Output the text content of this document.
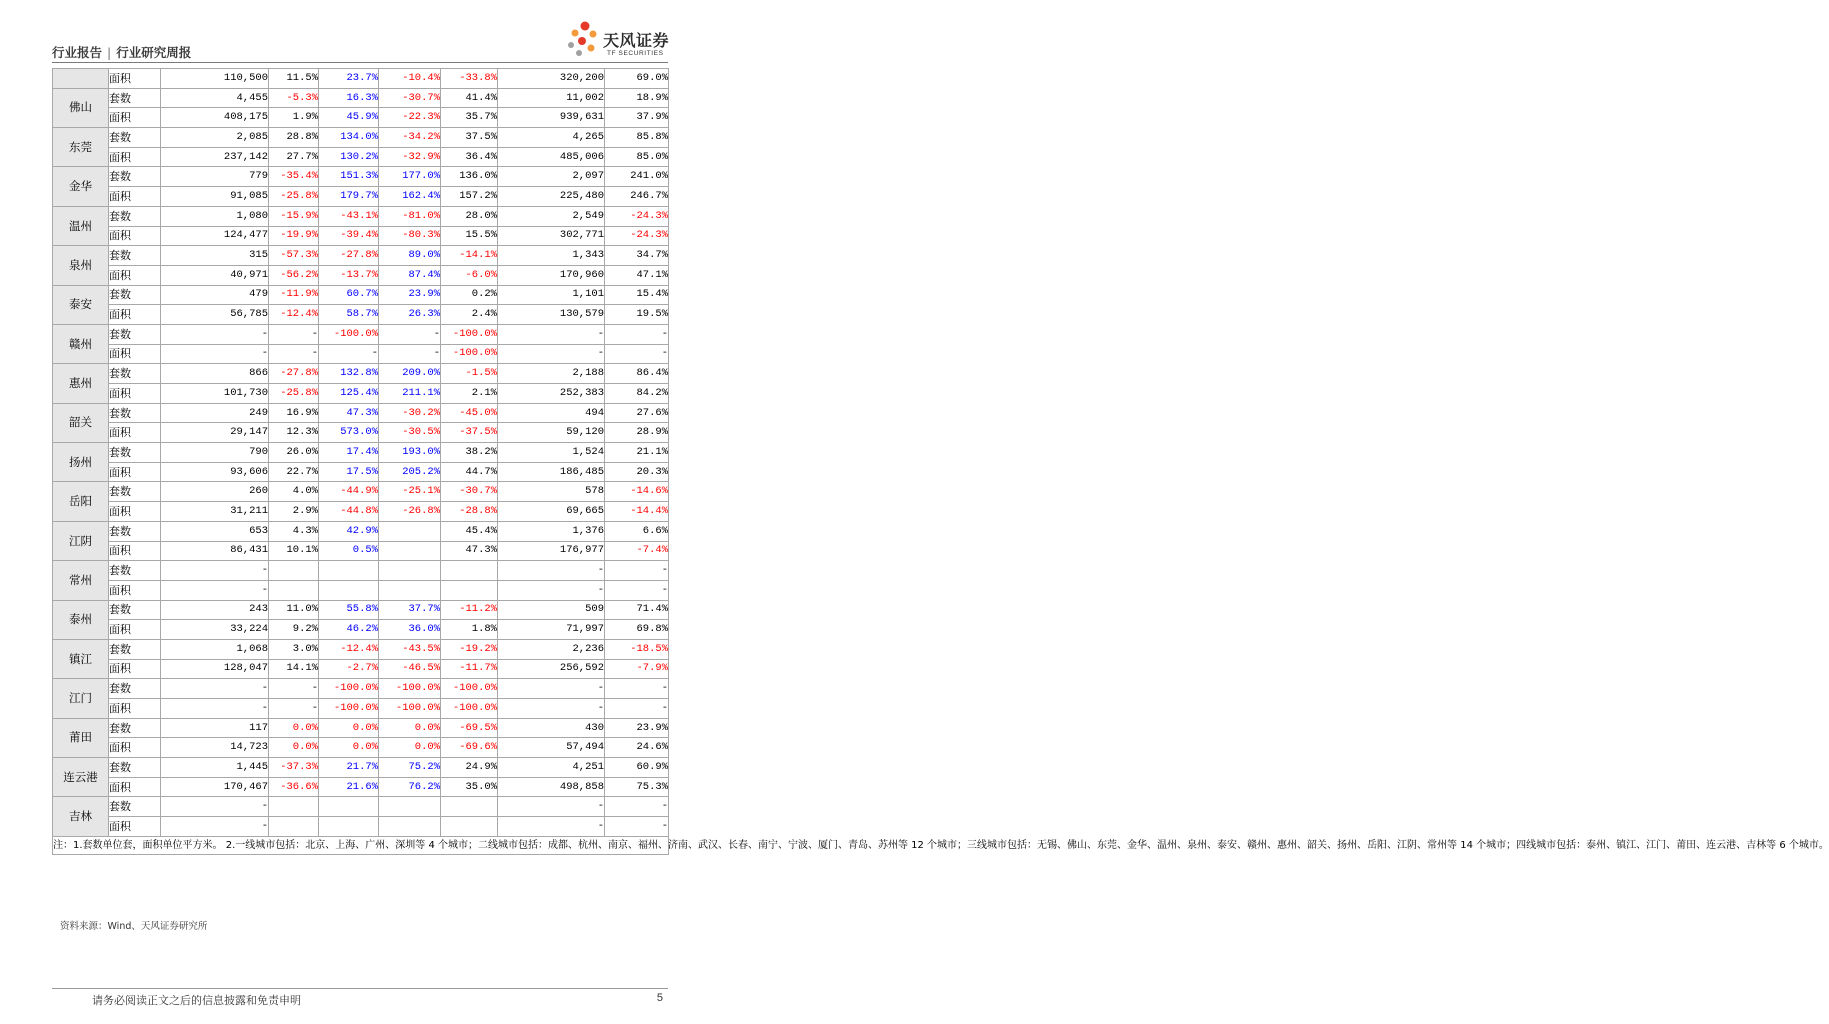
行业报告 | 行业研究周报
天风证券
TF SECURITIES
	面积	110,500	11.5%	23.7%	-10.4%	-33.8%	320,200	69.0%
佛山	套数	4,455	-5.3%	16.3%	-30.7%	41.4%	11,002	18.9%
	面积	408,175	1.9%	45.9%	-22.3%	35.7%	939,631	37.9%
东莞	套数	2,085	28.8%	134.0%	-34.2%	37.5%	4,265	85.8%
	面积	237,142	27.7%	130.2%	-32.9%	36.4%	485,006	85.0%
金华	套数	779	-35.4%	151.3%	177.0%	136.0%	2,097	241.0%
	面积	91,085	-25.8%	179.7%	162.4%	157.2%	225,480	246.7%
温州	套数	1,080	-15.9%	-43.1%	-81.0%	28.0%	2,549	-24.3%
	面积	124,477	-19.9%	-39.4%	-80.3%	15.5%	302,771	-24.3%
泉州	套数	315	-57.3%	-27.8%	89.0%	-14.1%	1,343	34.7%
	面积	40,971	-56.2%	-13.7%	87.4%	-6.0%	170,960	47.1%
泰安	套数	479	-11.9%	60.7%	23.9%	0.2%	1,101	15.4%
	面积	56,785	-12.4%	58.7%	26.3%	2.4%	130,579	19.5%
赣州	套数	-	-	-100.0%	-	-100.0%	-	-
	面积	-	-	-	-	-100.0%	-	-
惠州	套数	866	-27.8%	132.8%	209.0%	-1.5%	2,188	86.4%
	面积	101,730	-25.8%	125.4%	211.1%	2.1%	252,383	84.2%
韶关	套数	249	16.9%	47.3%	-30.2%	-45.0%	494	27.6%
	面积	29,147	12.3%	573.0%	-30.5%	-37.5%	59,120	28.9%
扬州	套数	790	26.0%	17.4%	193.0%	38.2%	1,524	21.1%
	面积	93,606	22.7%	17.5%	205.2%	44.7%	186,485	20.3%
岳阳	套数	260	4.0%	-44.9%	-25.1%	-30.7%	578	-14.6%
	面积	31,211	2.9%	-44.8%	-26.8%	-28.8%	69,665	-14.4%
江阴	套数	653	4.3%	42.9%		45.4%	1,376	6.6%
	面积	86,431	10.1%	0.5%		47.3%	176,977	-7.4%
常州	套数	-					-	-
	面积	-					-	-
泰州	套数	243	11.0%	55.8%	37.7%	-11.2%	509	71.4%
	面积	33,224	9.2%	46.2%	36.0%	1.8%	71,997	69.8%
镇江	套数	1,068	3.0%	-12.4%	-43.5%	-19.2%	2,236	-18.5%
	面积	128,047	14.1%	-2.7%	-46.5%	-11.7%	256,592	-7.9%
江门	套数	-	-	-100.0%	-100.0%	-100.0%	-	-
	面积	-	-	-100.0%	-100.0%	-100.0%	-	-
莆田	套数	117	0.0%	0.0%	0.0%	-69.5%	430	23.9%
	面积	14,723	0.0%	0.0%	0.0%	-69.6%	57,494	24.6%
连云港	套数	1,445	-37.3%	21.7%	75.2%	24.9%	4,251	60.9%
	面积	170,467	-36.6%	21.6%	76.2%	35.0%	498,858	75.3%
吉林	套数	-					-	-
	面积	-					-	-
注：1.套数单位套，面积单位平方米。 2.一线城市包括：北京、上海、广州、深圳等 4 个城市；二线城市包括：成都、杭州、南京、福州、济南、武汉、长春、南宁、宁波、厦门、青岛、苏州等 12 个城市；三线城市包括：无锡、佛山、东莞、金华、温州、泉州、泰安、赣州、惠州、韶关、扬州、岳阳、江阴、常州等 14 个城市；四线城市包括：泰州、镇江、江门、莆田、连云港、吉林等 6 个城市。								
资料来源：Wind、天风证券研究所
请务必阅读正文之后的信息披露和免责申明	5
